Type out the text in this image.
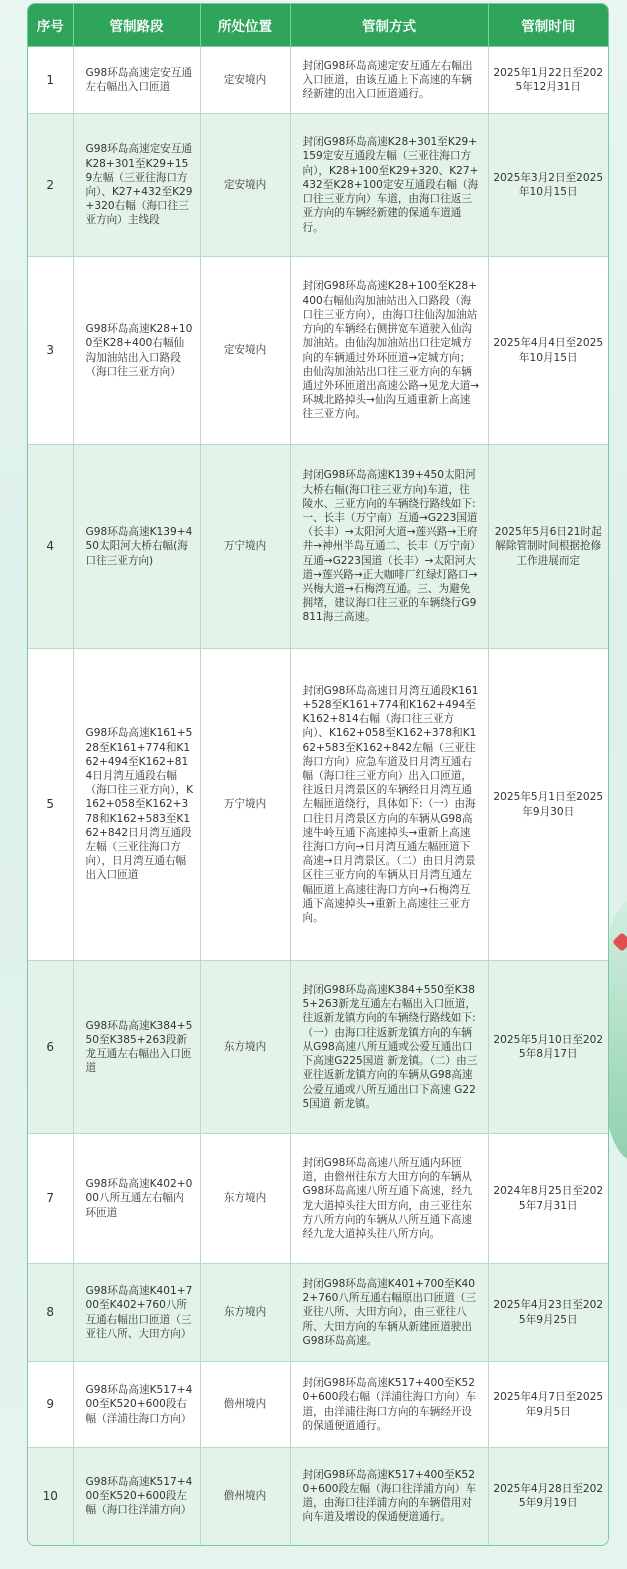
序号	管制路段	所处位置	管制方式	管制时间
1	G98环岛高速定安互通左右幅出入口匝道	定安境内	封闭G98环岛高速定安互通左右幅出入口匝道，由该互通上下高速的车辆经新建的出入口匝道通行。	2025年1月22日至2025年12月31日
2	G98环岛高速定安互通K28+301至K29+159左幅（三亚往海口方向）、K27+432至K29+320右幅（海口往三亚方向）主线段	定安境内	封闭G98环岛高速K28+301至K29+159定安互通段左幅（三亚往海口方向），K28+100至K29+320、K27+432至K28+100定安互通段右幅（海口往三亚方向）车道，由海口往返三亚方向的车辆经新建的保通车道通行。	2025年3月2日至2025年10月15日
3	G98环岛高速K28+100至K28+400右幅仙沟加油站出入口路段（海口往三亚方向）	定安境内	封闭G98环岛高速K28+100至K28+400右幅仙沟加油站出入口路段（海口往三亚方向），由海口往仙沟加油站方向的车辆经右侧拼宽车道驶入仙沟加油站。由仙沟加油站出口往定城方向的车辆通过外环匝道→定城方向；由仙沟加油站出口往三亚方向的车辆通过外环匝道出高速公路→见龙大道→环城北路掉头→仙沟互通重新上高速往三亚方向。	2025年4月4日至2025年10月15日
4	G98环岛高速K139+450太阳河大桥右幅(海口往三亚方向)	万宁境内	封闭G98环岛高速K139+450太阳河大桥右幅(海口往三亚方向)车道，往陵水、三亚方向的车辆绕行路线如下:一、长丰（万宁南）互通→G223国道（长丰）→太阳河大道→莲兴路→王府井→神州半岛互通二、长丰（万宁南）互通→G223国道（长丰）→太阳河大道→莲兴路→正大咖啡厂红绿灯路口→兴梅大道→石梅湾互通。三、为避免拥堵，建议海口往三亚的车辆绕行G9811海三高速。	2025年5月6日21时起解除管制时间根据抢修工作进展而定
5	G98环岛高速K161+528至K161+774和K162+494至K162+814日月湾互通段右幅（海口往三亚方向），K162+058至K162+378和K162+583至K162+842日月湾互通段左幅（三亚往海口方向），日月湾互通右幅出入口匝道	万宁境内	封闭G98环岛高速日月湾互通段K161+528至K161+774和K162+494至K162+814右幅（海口往三亚方向）、K162+058至K162+378和K162+583至K162+842左幅（三亚往海口方向）应急车道及日月湾互通右幅（海口往三亚方向）出入口匝道，往返日月湾景区的车辆经日月湾互通左幅匝道绕行，具体如下:（一）由海口往日月湾景区方向的车辆从G98高速牛岭互通下高速掉头→重新上高速往海口方向→日月湾互通左幅匝道下高速→日月湾景区。（二）由日月湾景区往三亚方向的车辆从日月湾互通左幅匝道上高速往海口方向→石梅湾互通下高速掉头→重新上高速往三亚方向。	2025年5月1日至2025年9月30日
6	G98环岛高速K384+550至K385+263段新龙互通左右幅出入口匝道	东方境内	封闭G98环岛高速K384+550至K385+263新龙互通左右幅出入口匝道，往返新龙镇方向的车辆绕行路线如下:（一）由海口往返新龙镇方向的车辆从G98高速八所互通或公爱互通出口下高速G225国道 新龙镇。（二）由三亚往返新龙镇方向的车辆从G98高速公爱互通或八所互通出口下高速 G225国道 新龙镇。	2025年5月10日至2025年8月17日
7	G98环岛高速K402+000八所互通左右幅内环匝道	东方境内	封闭G98环岛高速八所互通内环匝道，由儋州往东方大田方向的车辆从G98环岛高速八所互通下高速，经九龙大道掉头往大田方向，由三亚往东方八所方向的车辆从八所互通下高速经九龙大道掉头往八所方向。	2024年8月25日至2025年7月31日
8	G98环岛高速K401+700至K402+760八所互通右幅出口匝道（三亚往八所、大田方向）	东方境内	封闭G98环岛高速K401+700至K402+760八所互通右幅原出口匝道（三亚往八所、大田方向），由三亚往八所、大田方向的车辆从新建匝道驶出G98环岛高速。	2025年4月23日至2025年9月25日
9	G98环岛高速K517+400至K520+600段右幅（洋浦往海口方向）	儋州境内	封闭G98环岛高速K517+400至K520+600段右幅（洋浦往海口方向）车道，由洋浦往海口方向的车辆经开设的保通便道通行。	2025年4月7日至2025年9月5日
10	G98环岛高速K517+400至K520+600段左幅（海口往洋浦方向）	儋州境内	封闭G98环岛高速K517+400至K520+600段左幅（海口往洋浦方向）车道，由海口往洋浦方向的车辆借用对向车道及增设的保通便道通行。	2025年4月28日至2025年9月19日
